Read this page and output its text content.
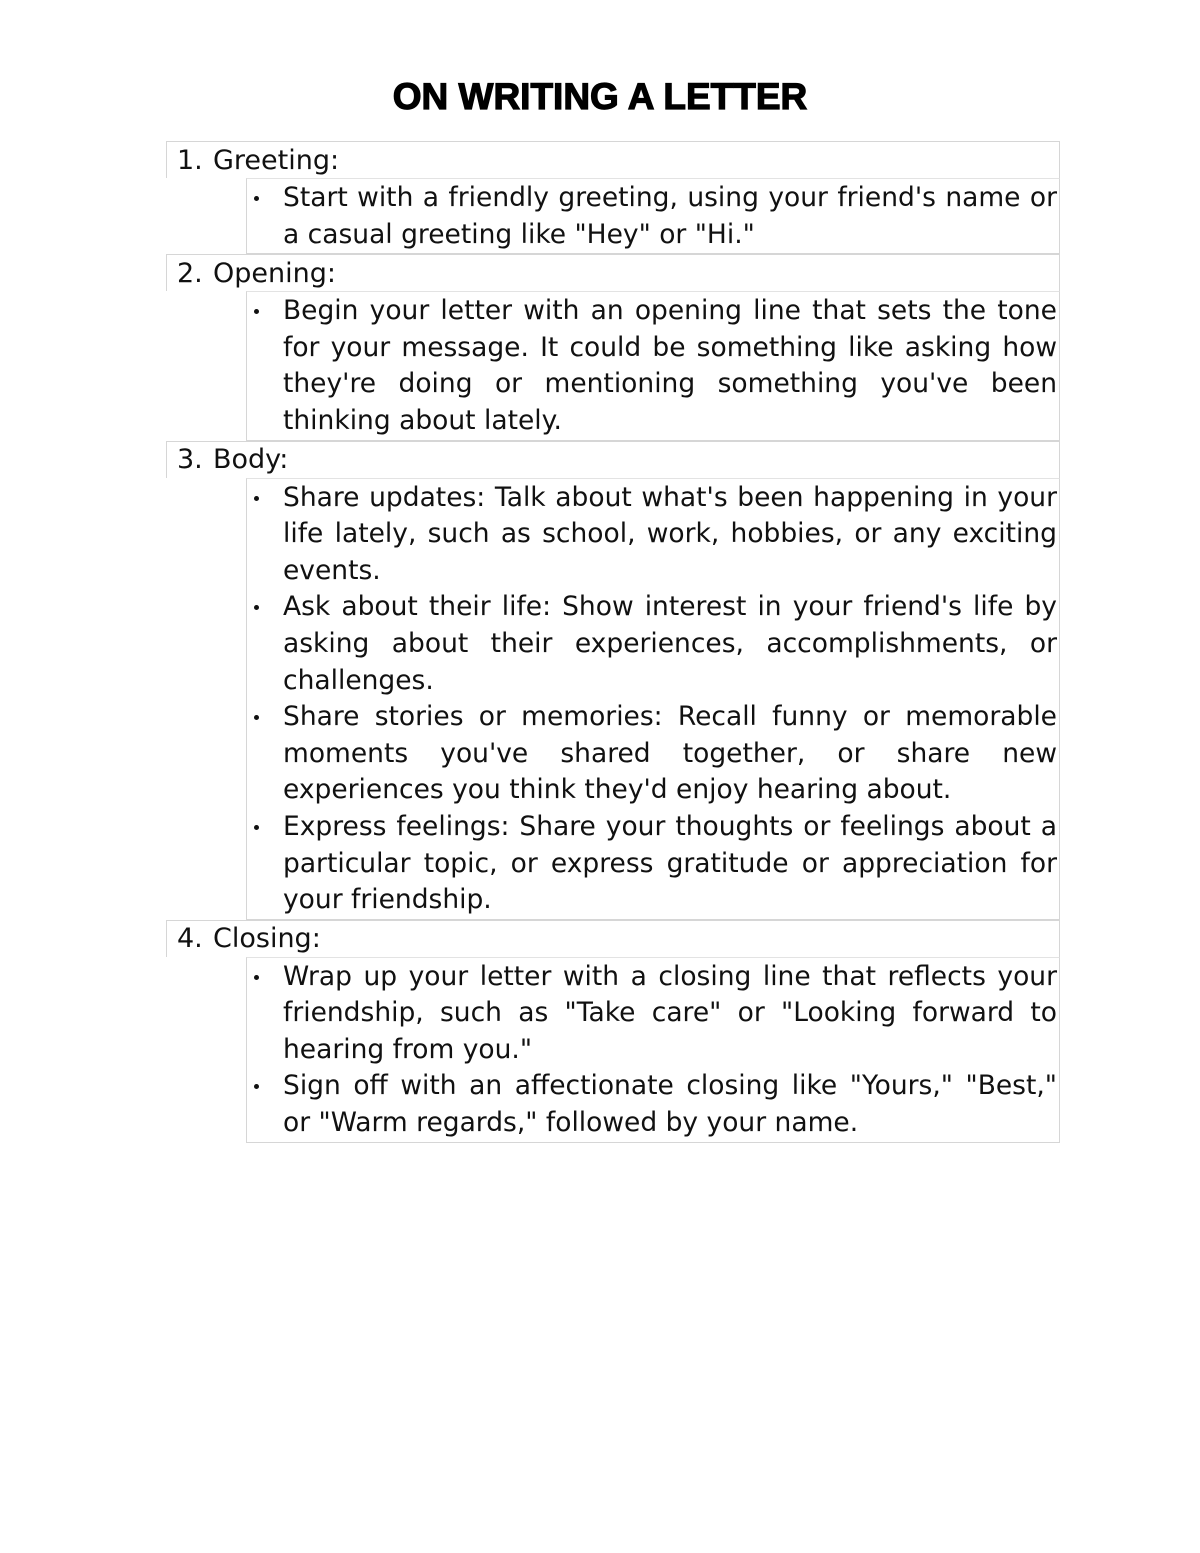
ON WRITING A LETTER
1. Greeting:

Start with a friendly greeting, using your friend's name or a casual greeting like "Hey" or "Hi."

2. Opening:

Begin your letter with an opening line that sets the tone for your message. It could be something like asking how they're doing or mentioning something you've been thinking about lately.

3. Body:

Share updates: Talk about what's been happening in your life lately, such as school, work, hobbies, or any exciting events.

Ask about their life: Show interest in your friend's life by asking about their experiences, accomplishments, or challenges.

Share stories or memories: Recall funny or memorable moments you've shared together, or share new experiences you think they'd enjoy hearing about.

Express feelings: Share your thoughts or feelings about a particular topic, or express gratitude or appreciation for your friendship.

4. Closing:

Wrap up your letter with a closing line that reflects your friendship, such as "Take care" or "Looking forward to hearing from you."

Sign off with an affectionate closing like "Yours," "Best," or "Warm regards," followed by your name.
